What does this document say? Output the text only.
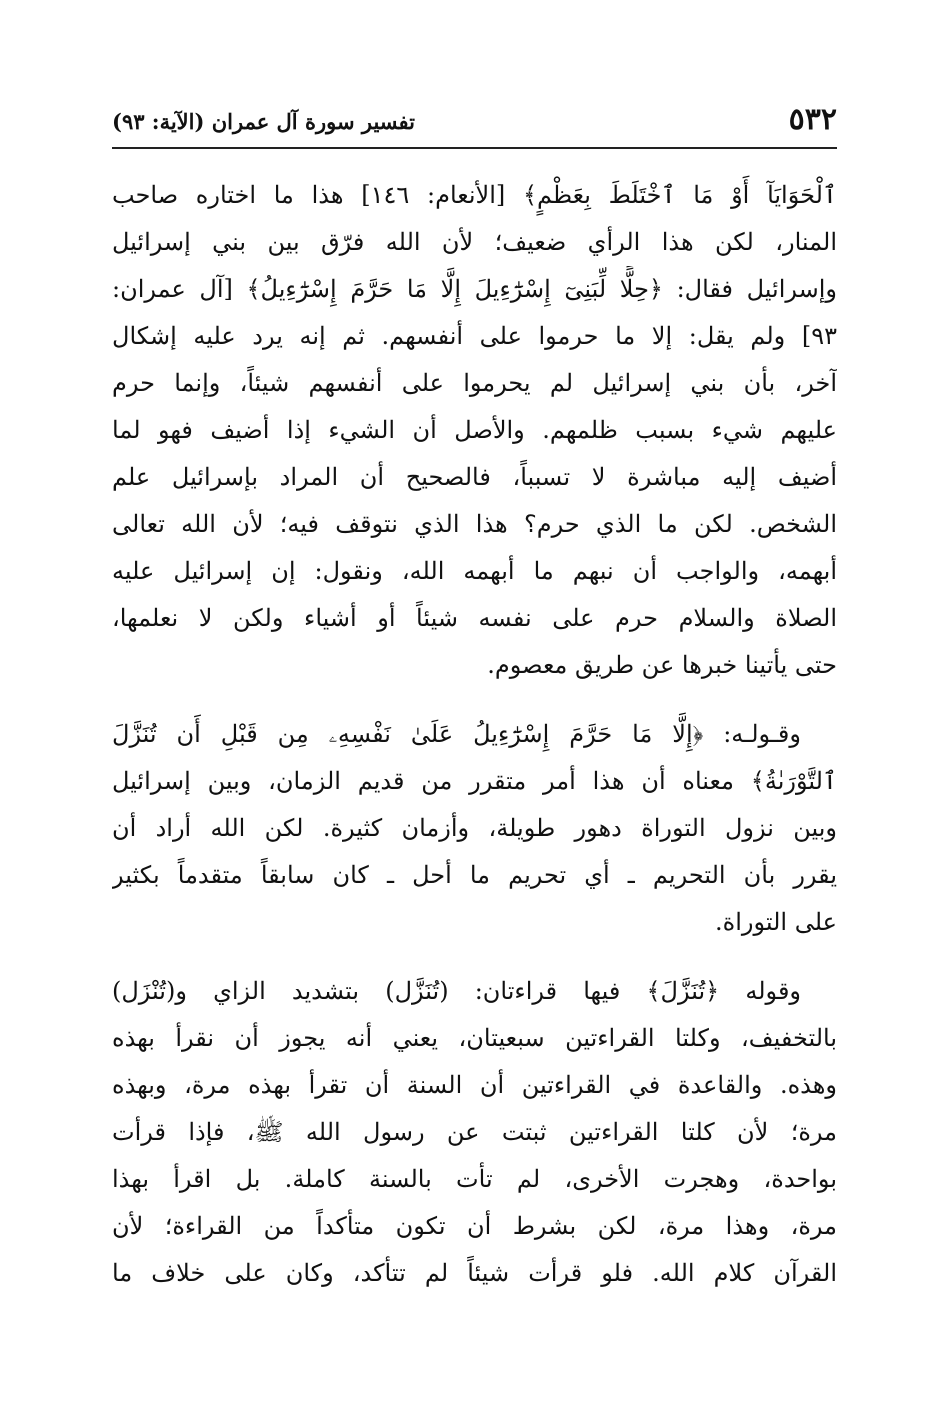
٥٣٢
تفسير سورة آل عمران (الآية: ٩٣)
ٱلْحَوَايَآ أَوْ مَا ٱخْتَلَطَ بِعَظْمٍ﴾ [الأنعام: ١٤٦] هذا ما اختاره صاحب
المنار، لكن هذا الرأي ضعيف؛ لأن الله فرّق بين بني إسرائيل
وإسرائيل فقال: ﴿حِلًّا لِّبَنِىٓ إِسْرَٰٓءِيلَ إِلَّا مَا حَرَّمَ إِسْرَٰٓءِيلُ﴾ [آل عمران:
٩٣] ولم يقل: إلا ما حرموا على أنفسهم. ثم إنه يرد عليه إشكال
آخر، بأن بني إسرائيل لم يحرموا على أنفسهم شيئاً، وإنما حرم
عليهم شيء بسبب ظلمهم. والأصل أن الشيء إذا أضيف فهو لما
أضيف إليه مباشرة لا تسبباً، فالصحيح أن المراد بإسرائيل علم
الشخص. لكن ما الذي حرم؟ هذا الذي نتوقف فيه؛ لأن الله تعالى
أبهمه، والواجب أن نبهم ما أبهمه الله، ونقول: إن إسرائيل عليه
الصلاة والسلام حرم على نفسه شيئاً أو أشياء ولكن لا نعلمها،
حتى يأتينا خبرها عن طريق معصوم.
وقـولـه: ﴿إِلَّا مَا حَرَّمَ إِسْرَٰٓءِيلُ عَلَىٰ نَفْسِهِۦ مِن قَبْلِ أَن تُنَزَّلَ
ٱلتَّوْرَىٰةُ﴾ معناه أن هذا أمر متقرر من قديم الزمان، وبين إسرائيل
وبين نزول التوراة دهور طويلة، وأزمان كثيرة. لكن الله أراد أن
يقرر بأن التحريم ـ أي تحريم ما أحل ـ كان سابقاً متقدماً بكثير
على التوراة.
وقوله ﴿تُنَزَّلَ﴾ فيها قراءتان: (تُنَزَّل) بتشديد الزاي و(تُنْزَل)
بالتخفيف، وكلتا القراءتين سبعيتان، يعني أنه يجوز أن نقرأ بهذه
وهذه. والقاعدة في القراءتين أن السنة أن تقرأ بهذه مرة، وبهذه
مرة؛ لأن كلتا القراءتين ثبتت عن رسول الله ﷺ، فإذا قرأت
بواحدة، وهجرت الأخرى، لم تأت بالسنة كاملة. بل اقرأ بهذا
مرة، وهذا مرة، لكن بشرط أن تكون متأكداً من القراءة؛ لأن
القرآن كلام الله. فلو قرأت شيئاً لم تتأكد، وكان على خلاف ما
